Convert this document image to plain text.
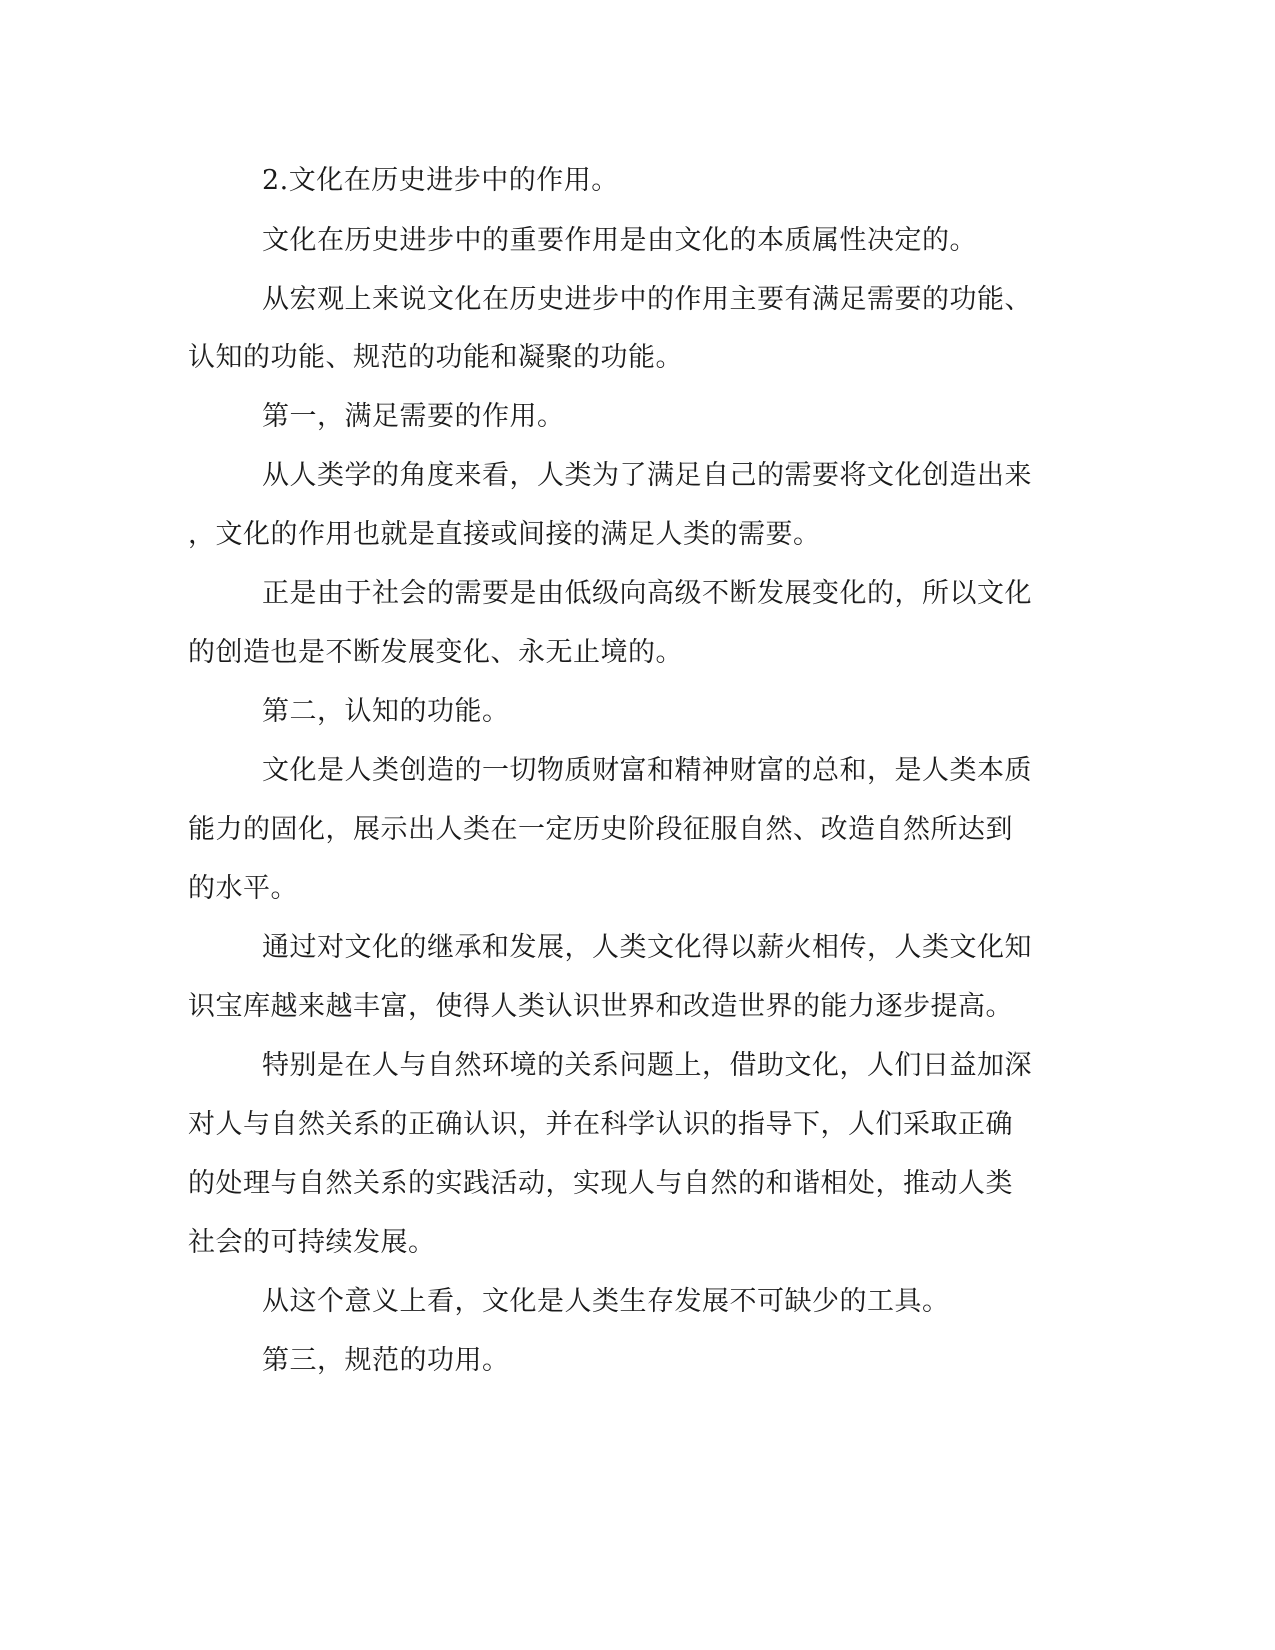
2.文化在历史进步中的作用。
文化在历史进步中的重要作用是由文化的本质属性决定的。
从宏观上来说文化在历史进步中的作用主要有满足需要的功能、
认知的功能、规范的功能和凝聚的功能。
第一，满足需要的作用。
从人类学的角度来看，人类为了满足自己的需要将文化创造出来
，文化的作用也就是直接或间接的满足人类的需要。
正是由于社会的需要是由低级向高级不断发展变化的，所以文化
的创造也是不断发展变化、永无止境的。
第二，认知的功能。
文化是人类创造的一切物质财富和精神财富的总和，是人类本质
能力的固化，展示出人类在一定历史阶段征服自然、改造自然所达到
的水平。
通过对文化的继承和发展，人类文化得以薪火相传，人类文化知
识宝库越来越丰富，使得人类认识世界和改造世界的能力逐步提高。
特别是在人与自然环境的关系问题上，借助文化，人们日益加深
对人与自然关系的正确认识，并在科学认识的指导下，人们采取正确
的处理与自然关系的实践活动，实现人与自然的和谐相处，推动人类
社会的可持续发展。
从这个意义上看，文化是人类生存发展不可缺少的工具。
第三，规范的功用。
